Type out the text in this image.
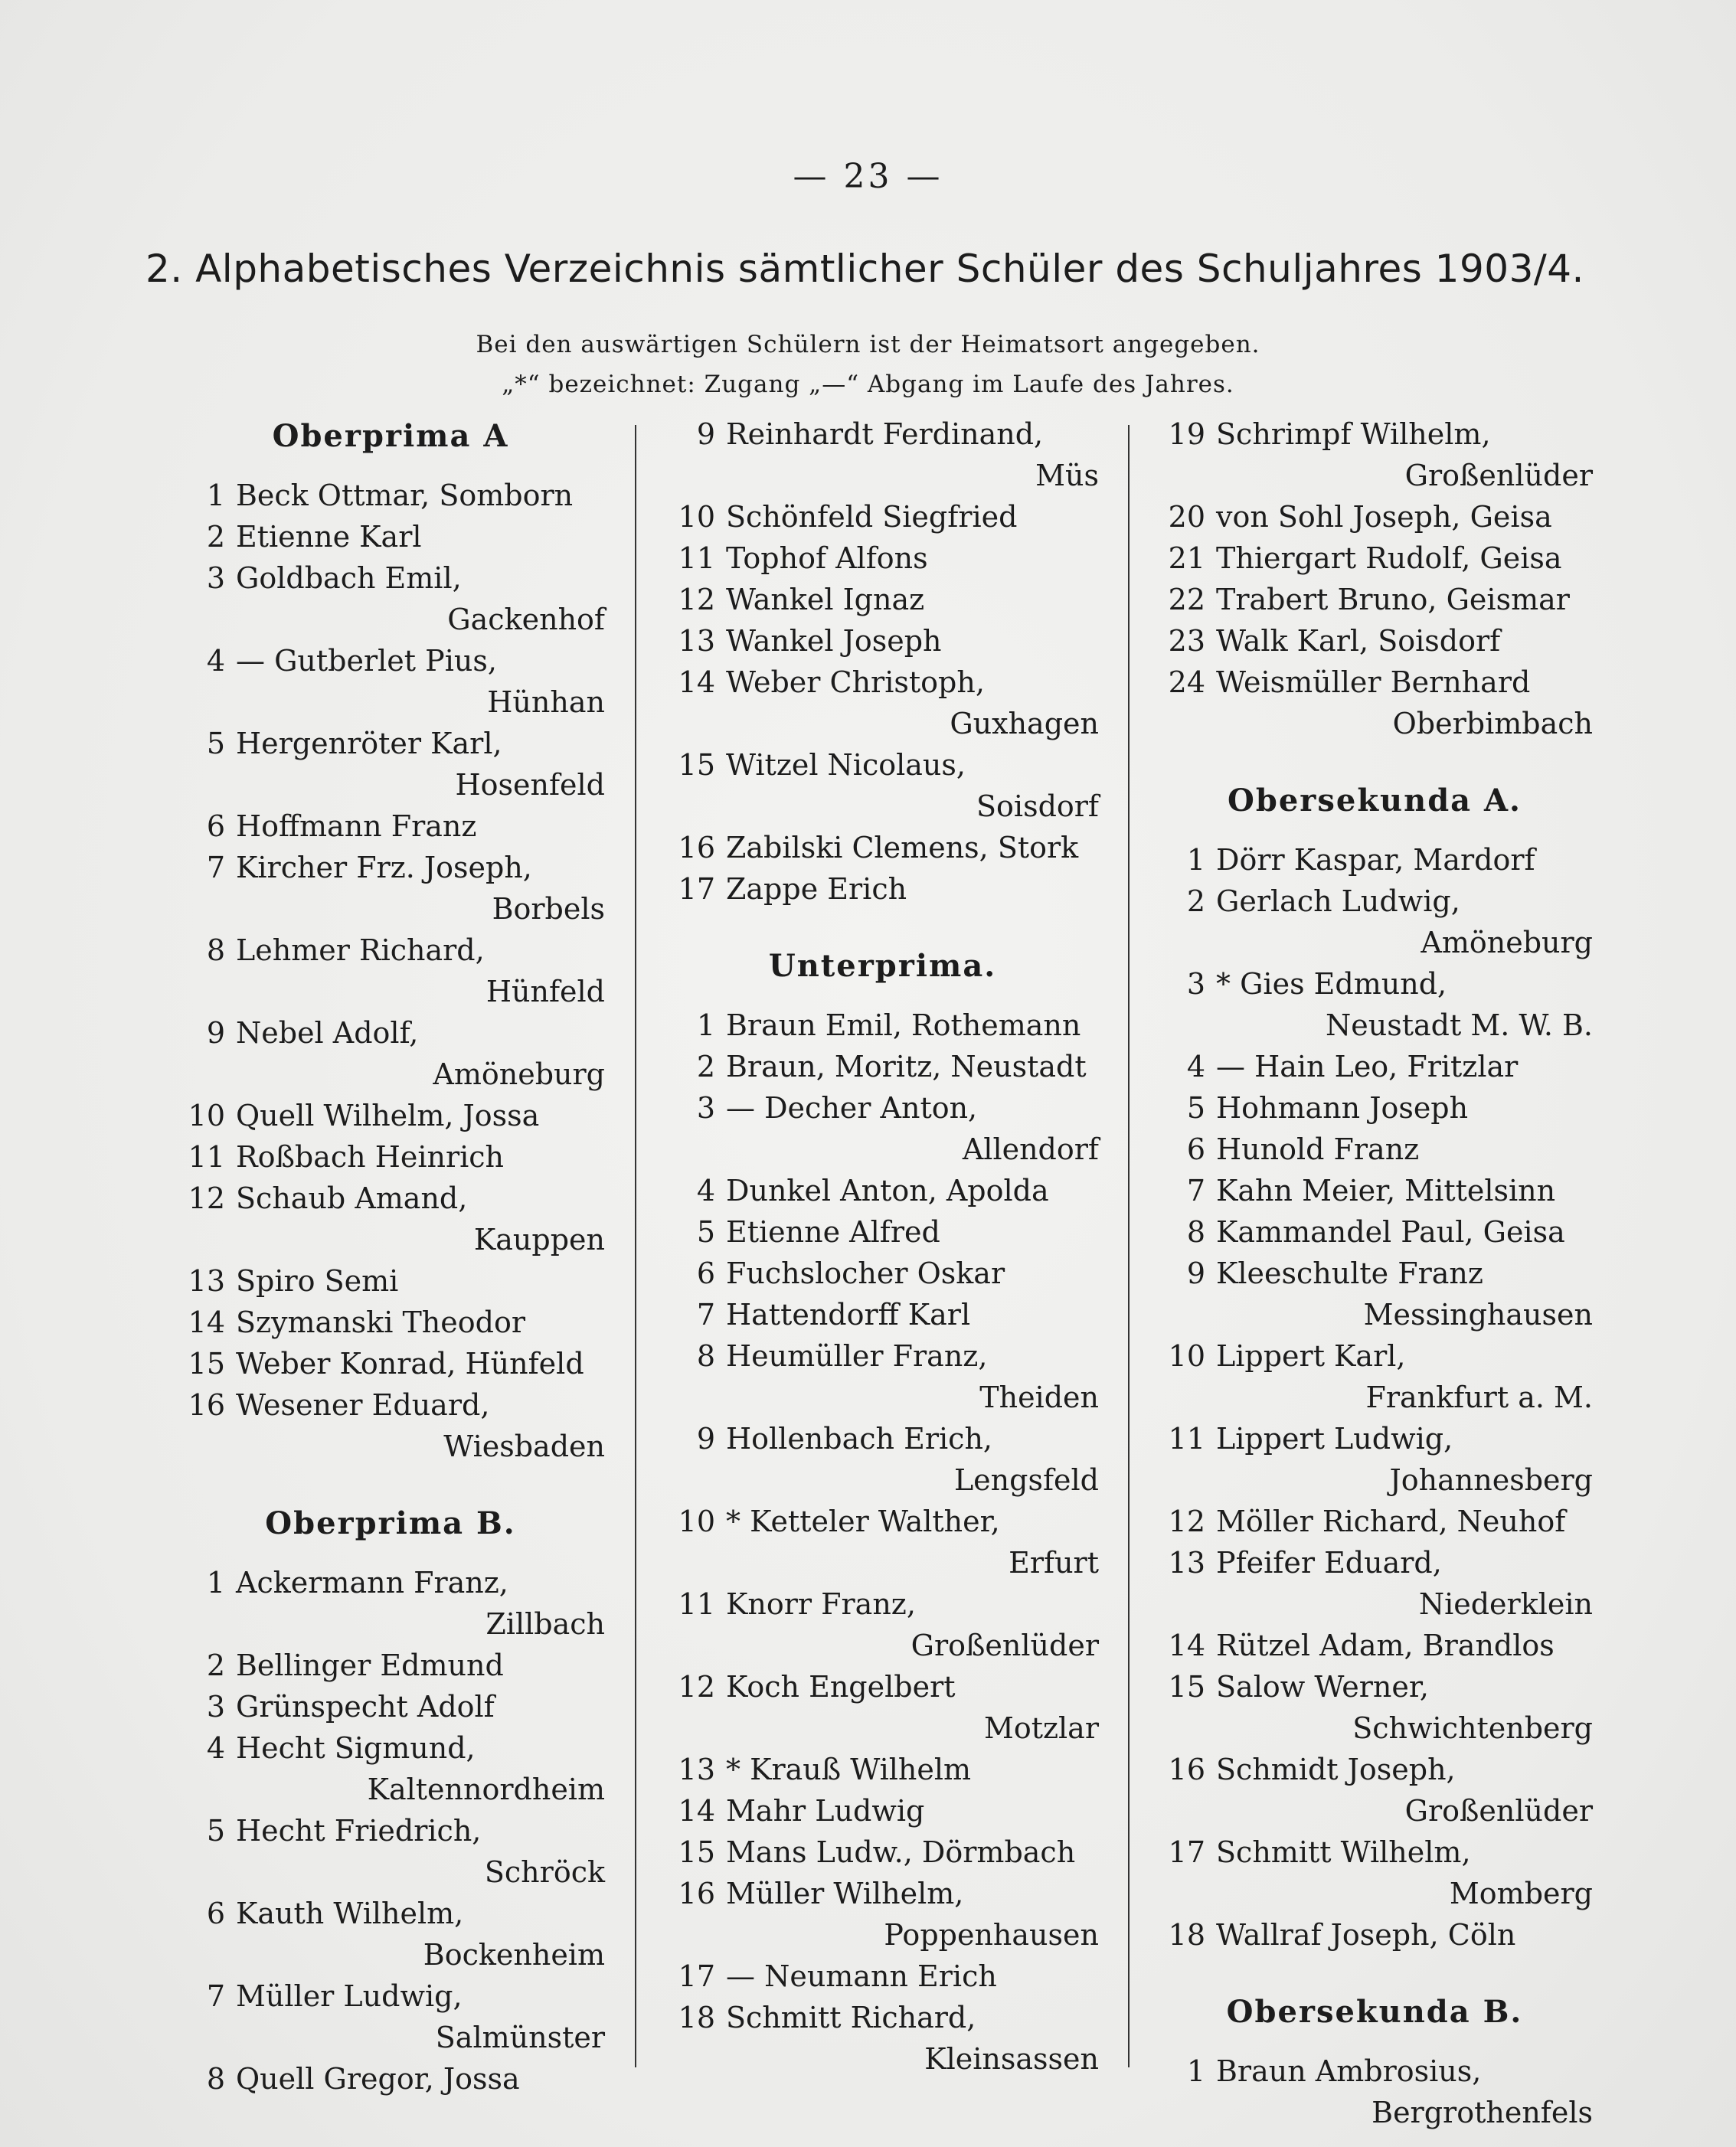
— 23 —
2. Alphabetisches Verzeichnis sämtlicher Schüler des Schuljahres 1903/4.
Bei den auswärtigen Schülern ist der Heimatsort angegeben.
„*“ bezeichnet: Zugang „—“ Abgang im Laufe des Jahres.
Oberprima A
1 Beck Ottmar, Somborn
2 Etienne Karl
3 Goldbach Emil,
Gackenhof
4 — Gutberlet Pius,
Hünhan
5 Hergenröter Karl,
Hosenfeld
6 Hoffmann Franz
7 Kircher Frz. Joseph,
Borbels
8 Lehmer Richard,
Hünfeld
9 Nebel Adolf,
Amöneburg
10 Quell Wilhelm, Jossa
11 Roßbach Heinrich
12 Schaub Amand,
Kauppen
13 Spiro Semi
14 Szymanski Theodor
15 Weber Konrad, Hünfeld
16 Wesener Eduard,
Wiesbaden
Oberprima B.
1 Ackermann Franz,
Zillbach
2 Bellinger Edmund
3 Grünspecht Adolf
4 Hecht Sigmund,
Kaltennordheim
5 Hecht Friedrich,
Schröck
6 Kauth Wilhelm,
Bockenheim
7 Müller Ludwig,
Salmünster
8 Quell Gregor, Jossa
9 Reinhardt Ferdinand,
Müs
10 Schönfeld Siegfried
11 Tophof Alfons
12 Wankel Ignaz
13 Wankel Joseph
14 Weber Christoph,
Guxhagen
15 Witzel Nicolaus,
Soisdorf
16 Zabilski Clemens, Stork
17 Zappe Erich
Unterprima.
1 Braun Emil, Rothemann
2 Braun, Moritz, Neustadt
3 — Decher Anton,
Allendorf
4 Dunkel Anton, Apolda
5 Etienne Alfred
6 Fuchslocher Oskar
7 Hattendorff Karl
8 Heumüller Franz,
Theiden
9 Hollenbach Erich,
Lengsfeld
10 * Ketteler Walther,
Erfurt
11 Knorr Franz,
Großenlüder
12 Koch Engelbert
Motzlar
13 * Krauß Wilhelm
14 Mahr Ludwig
15 Mans Ludw., Dörmbach
16 Müller Wilhelm,
Poppenhausen
17 — Neumann Erich
18 Schmitt Richard,
Kleinsassen
19 Schrimpf Wilhelm,
Großenlüder
20 von Sohl Joseph, Geisa
21 Thiergart Rudolf, Geisa
22 Trabert Bruno, Geismar
23 Walk Karl, Soisdorf
24 Weismüller Bernhard
Oberbimbach
Obersekunda A.
1 Dörr Kaspar, Mardorf
2 Gerlach Ludwig,
Amöneburg
3 * Gies Edmund,
Neustadt M. W. B.
4 — Hain Leo, Fritzlar
5 Hohmann Joseph
6 Hunold Franz
7 Kahn Meier, Mittelsinn
8 Kammandel Paul, Geisa
9 Kleeschulte Franz
Messinghausen
10 Lippert Karl,
Frankfurt a. M.
11 Lippert Ludwig,
Johannesberg
12 Möller Richard, Neuhof
13 Pfeifer Eduard,
Niederklein
14 Rützel Adam, Brandlos
15 Salow Werner,
Schwichtenberg
16 Schmidt Joseph,
Großenlüder
17 Schmitt Wilhelm,
Momberg
18 Wallraf Joseph, Cöln
Obersekunda B.
1 Braun Ambrosius,
Bergrothenfels
